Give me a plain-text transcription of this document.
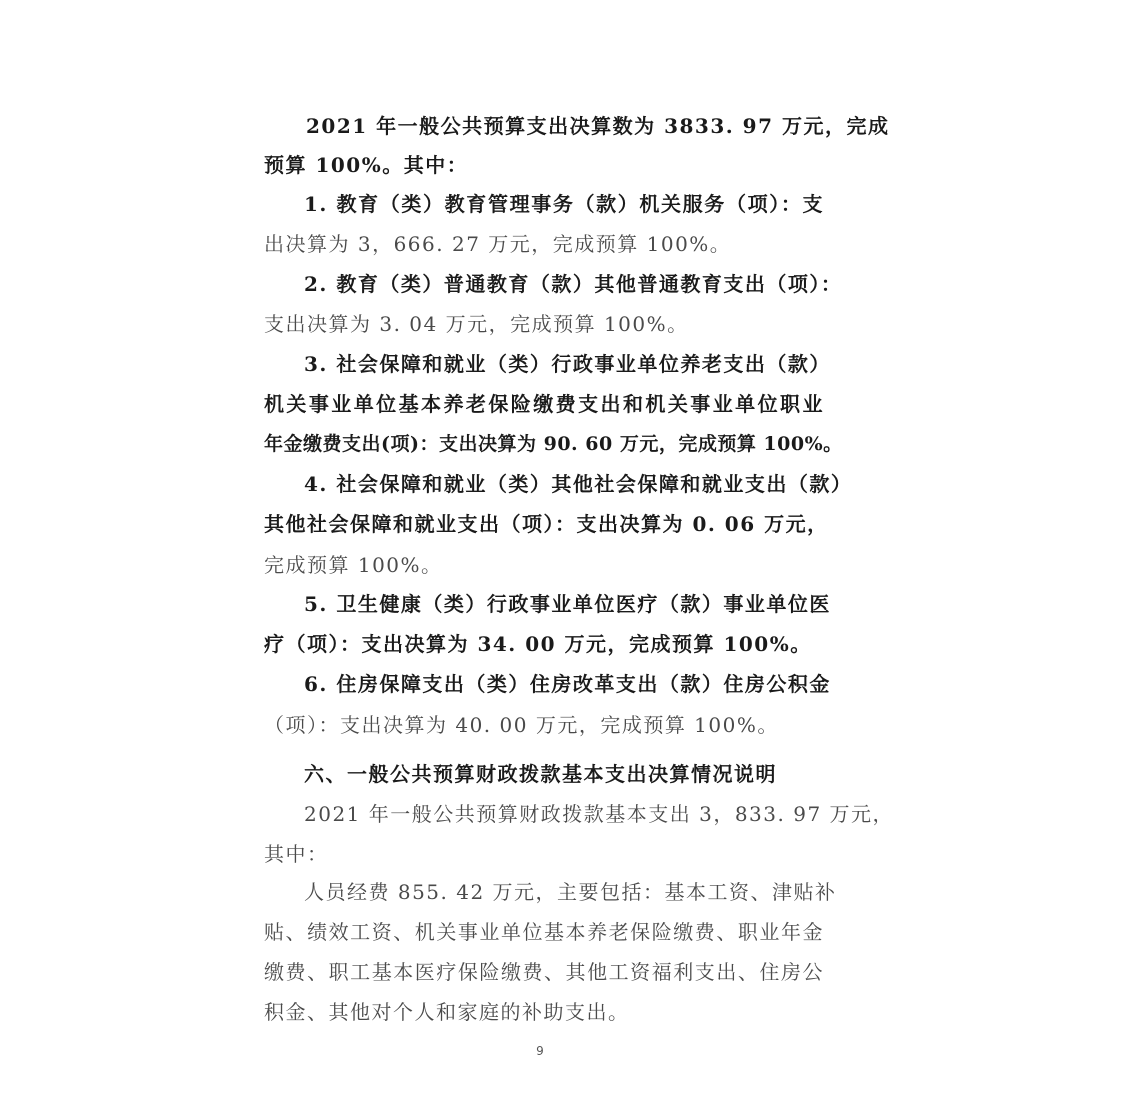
2021 年一般公共预算支出决算数为 3833. 97 万元，完成
预算 100%。其中：
1. 教育（类）教育管理事务（款）机关服务（项）：支
出决算为 3，666. 27 万元，完成预算 100%。
2. 教育（类）普通教育（款）其他普通教育支出（项）：
支出决算为 3. 04 万元，完成预算 100%。
3. 社会保障和就业（类）行政事业单位养老支出（款）
机关事业单位基本养老保险缴费支出和机关事业单位职业
年金缴费支出(项)：支出决算为 90. 60 万元，完成预算 100%。
4. 社会保障和就业（类）其他社会保障和就业支出（款）
其他社会保障和就业支出（项）：支出决算为 0. 06 万元，
完成预算 100%。
5. 卫生健康（类）行政事业单位医疗（款）事业单位医
疗（项）：支出决算为 34. 00 万元，完成预算 100%。
6. 住房保障支出（类）住房改革支出（款）住房公积金
（项）：支出决算为 40. 00 万元，完成预算 100%。
六、一般公共预算财政拨款基本支出决算情况说明
2021 年一般公共预算财政拨款基本支出 3，833. 97 万元，
其中：
人员经费 855. 42 万元，主要包括：基本工资、津贴补
贴、绩效工资、机关事业单位基本养老保险缴费、职业年金
缴费、职工基本医疗保险缴费、其他工资福利支出、住房公
积金、其他对个人和家庭的补助支出。
9
